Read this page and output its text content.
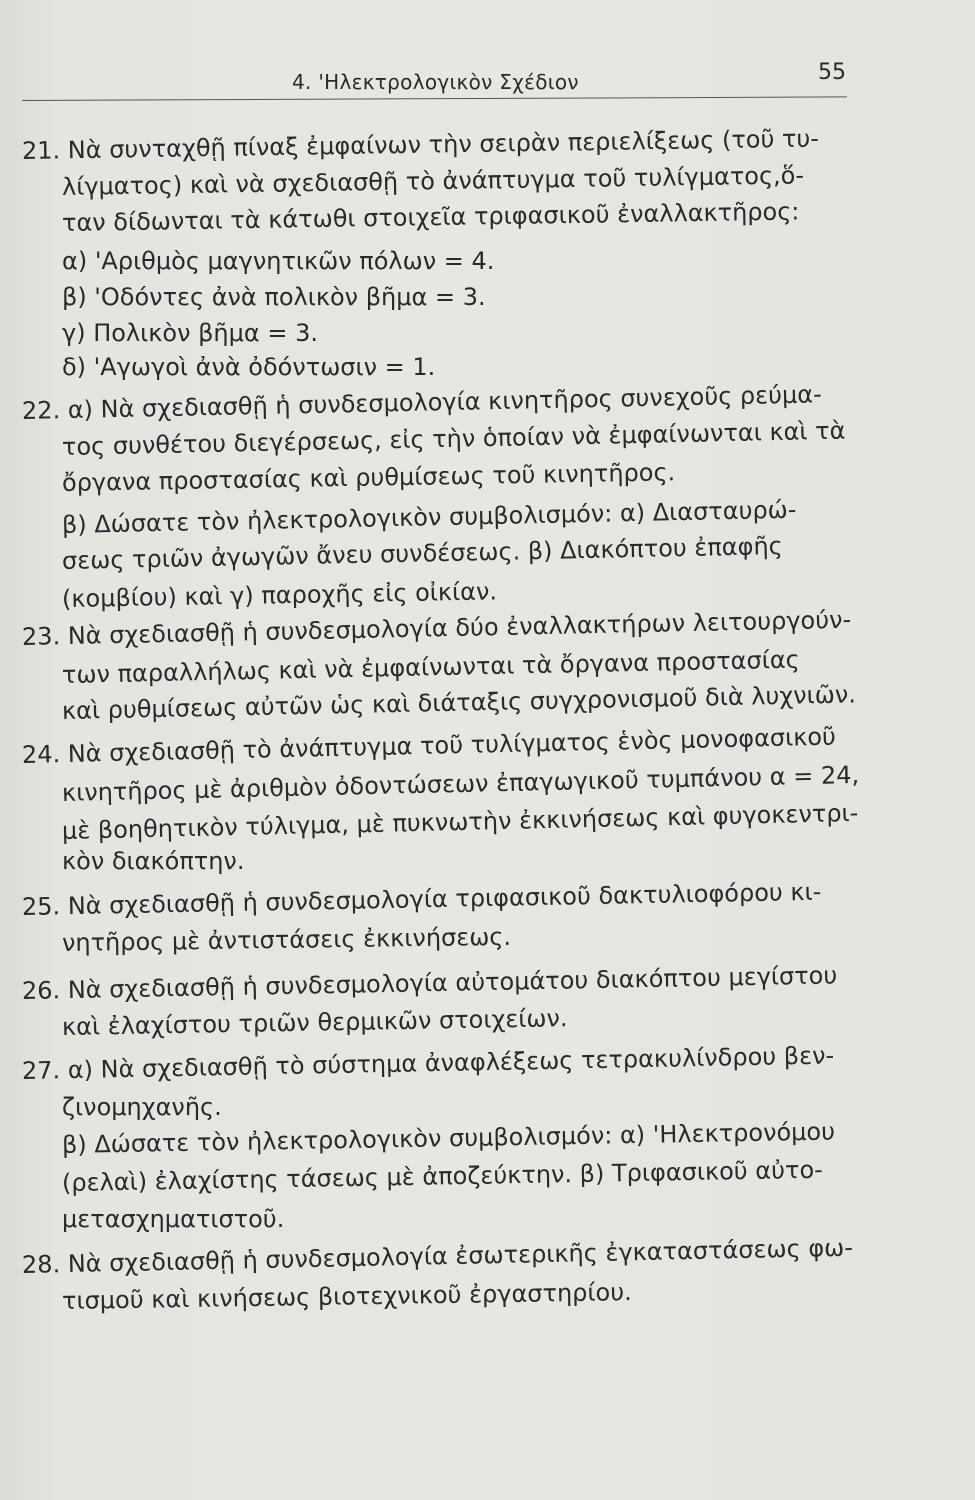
4. 'Ηλεκτρολογικὸν Σχέδιον	55
21. Νὰ συνταχθῇ πίναξ ἐμφαίνων τὴν σειρὰν περιελίξεως (τοῦ τυ-
λίγματος) καὶ νὰ σχεδιασθῇ τὸ ἀνάπτυγμα τοῦ τυλίγματος,ὅ-
ταν δίδωνται τὰ κάτωθι στοιχεῖα τριφασικοῦ ἐναλλακτῆρος:
α) 'Αριθμὸς μαγνητικῶν πόλων = 4.
β) 'Οδόντες ἀνὰ πολικὸν βῆμα = 3.
γ) Πολικὸν βῆμα = 3.
δ) 'Αγωγοὶ ἀνὰ ὀδόντωσιν = 1.
22. α) Νὰ σχεδιασθῇ ἡ συνδεσμολογία κινητῆρος συνεχοῦς ρεύμα-
τος συνθέτου διεγέρσεως, εἰς τὴν ὁποίαν νὰ ἐμφαίνωνται καὶ τὰ
ὄργανα προστασίας καὶ ρυθμίσεως τοῦ κινητῆρος.
β) Δώσατε τὸν ἠλεκτρολογικὸν συμβολισμόν: α) Διασταυρώ-
σεως τριῶν ἀγωγῶν ἄνευ συνδέσεως. β) Διακόπτου ἐπαφῆς
(κομβίου) καὶ γ) παροχῆς εἰς οἰκίαν.
23. Νὰ σχεδιασθῇ ἡ συνδεσμολογία δύο ἐναλλακτήρων λειτουργούν-
των παραλλήλως καὶ νὰ ἐμφαίνωνται τὰ ὄργανα προστασίας
καὶ ρυθμίσεως αὐτῶν ὡς καὶ διάταξις συγχρονισμοῦ διὰ λυχνιῶν.
24. Νὰ σχεδιασθῇ τὸ ἀνάπτυγμα τοῦ τυλίγματος ἑνὸς μονοφασικοῦ
κινητῆρος μὲ ἀριθμὸν ὀδοντώσεων ἐπαγωγικοῦ τυμπάνου α = 24,
μὲ βοηθητικὸν τύλιγμα, μὲ πυκνωτὴν ἐκκινήσεως καὶ φυγοκεντρι-
κὸν διακόπτην.
25. Νὰ σχεδιασθῇ ἡ συνδεσμολογία τριφασικοῦ δακτυλιοφόρου κι-
νητῆρος μὲ ἀντιστάσεις ἐκκινήσεως.
26. Νὰ σχεδιασθῇ ἡ συνδεσμολογία αὐτομάτου διακόπτου μεγίστου
καὶ ἐλαχίστου τριῶν θερμικῶν στοιχείων.
27. α) Νὰ σχεδιασθῇ τὸ σύστημα ἀναφλέξεως τετρακυλίνδρου βεν-
ζινομηχανῆς.
β) Δώσατε τὸν ἠλεκτρολογικὸν συμβολισμόν: α) 'Ηλεκτρονόμου
(ρελαὶ) ἐλαχίστης τάσεως μὲ ἀποζεύκτην. β) Τριφασικοῦ αὐτο-
μετασχηματιστοῦ.
28. Νὰ σχεδιασθῇ ἡ συνδεσμολογία ἐσωτερικῆς ἐγκαταστάσεως φω-
τισμοῦ καὶ κινήσεως βιοτεχνικοῦ ἐργαστηρίου.
